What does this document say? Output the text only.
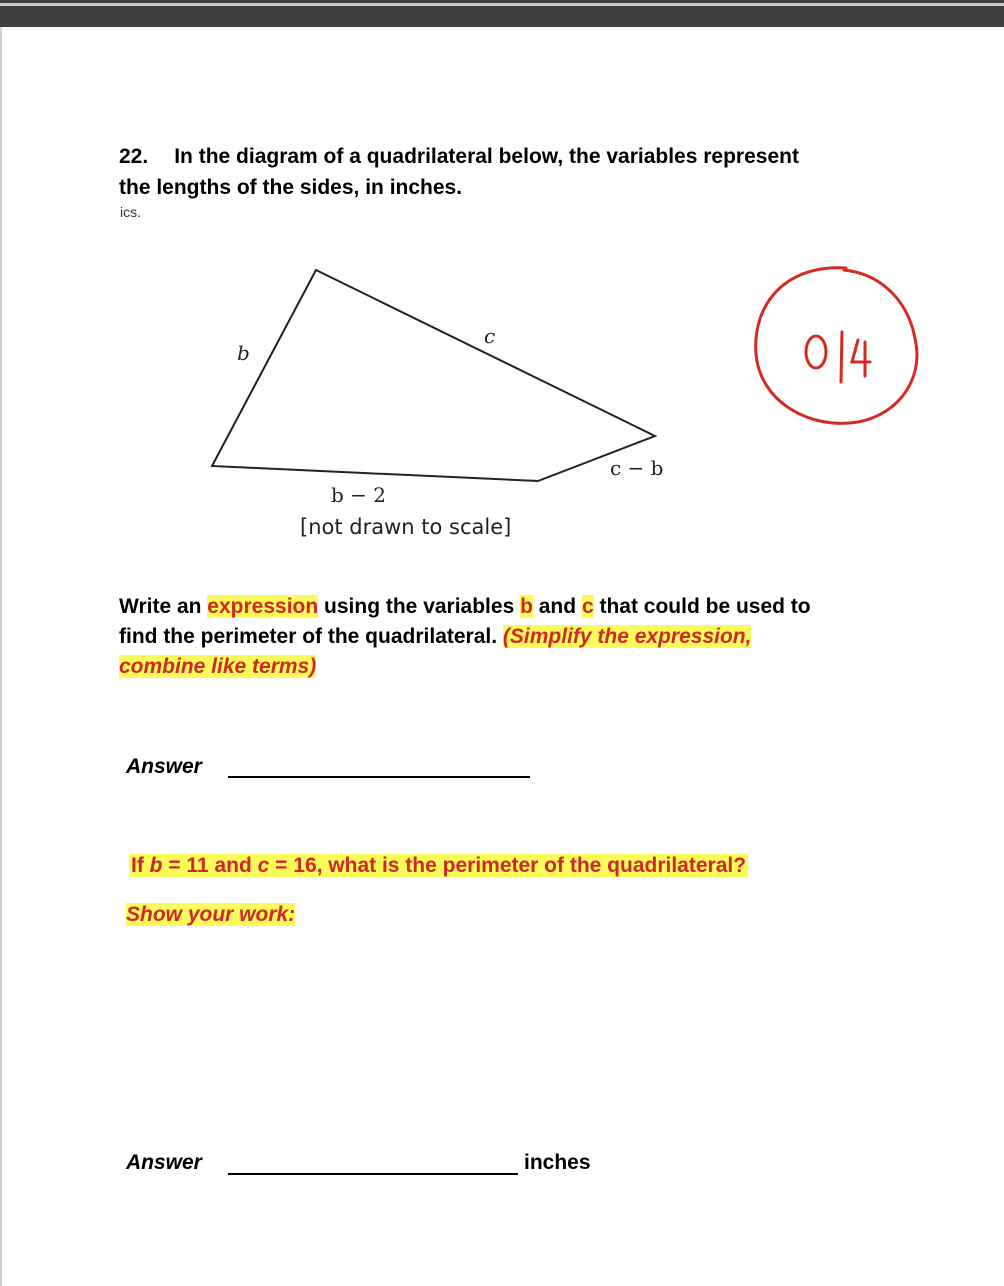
22. In the diagram of a quadrilateral below, the variables represent
the lengths of the sides, in inches.
ics.
b
c
b − 2
c − b
[not drawn to scale]
Write an expression using the variables b and c that could be used to
find the perimeter of the quadrilateral. (Simplify the expression,
combine like terms)
Answer
If b = 11 and c = 16, what is the perimeter of the quadrilateral?
Show your work:
Answer	inches
